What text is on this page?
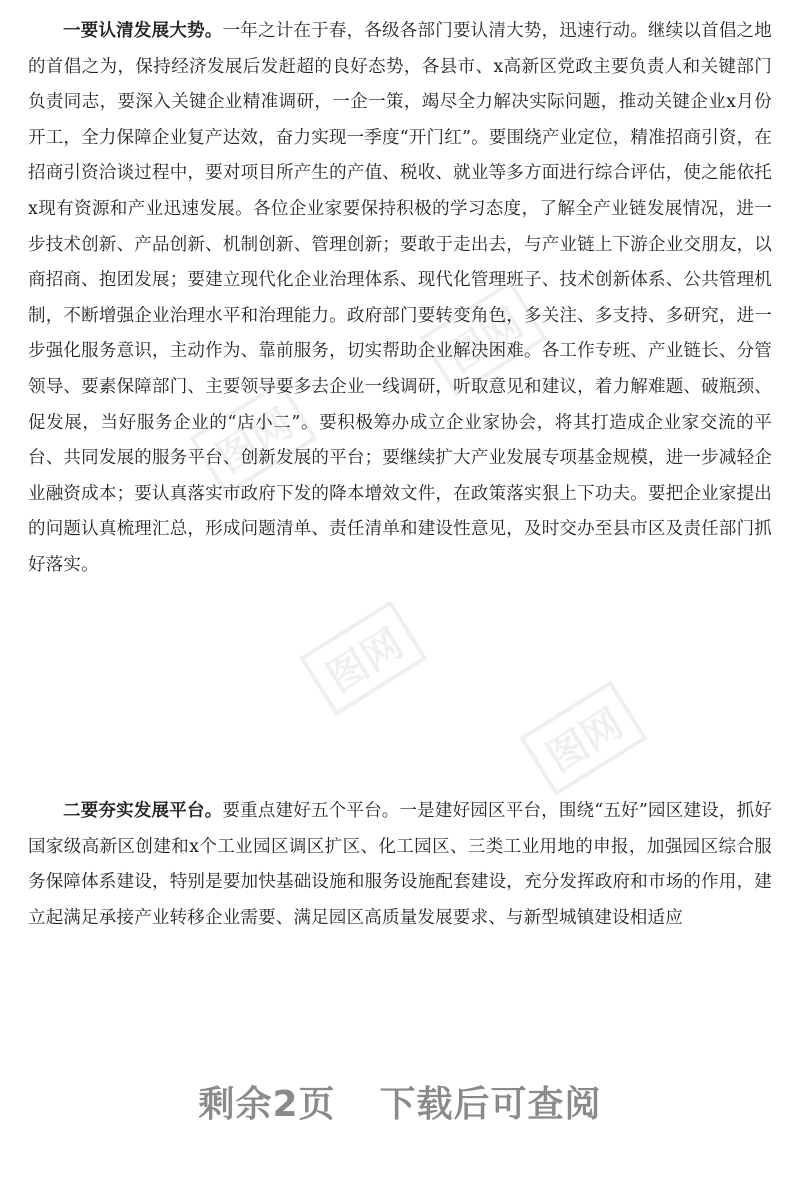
图网
图网
图网
图网

一要认清发展大势。一年之计在于春，各级各部门要认清大势，迅速行动。继续以首倡之地的首倡之为，保持经济发展后发赶超的良好态势，各县市、x高新区党政主要负责人和关键部门负责同志，要深入关键企业精准调研，一企一策，竭尽全力解决实际问题，推动关键企业x月份开工，全力保障企业复产达效，奋力实现一季度“开门红”。要围绕产业定位，精准招商引资，在招商引资洽谈过程中，要对项目所产生的产值、税收、就业等多方面进行综合评估，使之能依托x现有资源和产业迅速发展。各位企业家要保持积极的学习态度，了解全产业链发展情况，进一步技术创新、产品创新、机制创新、管理创新；要敢于走出去，与产业链上下游企业交朋友，以商招商、抱团发展；要建立现代化企业治理体系、现代化管理班子、技术创新体系、公共管理机制，不断增强企业治理水平和治理能力。政府部门要转变角色，多关注、多支持、多研究，进一步强化服务意识，主动作为、靠前服务，切实帮助企业解决困难。各工作专班、产业链长、分管领导、要素保障部门、主要领导要多去企业一线调研，听取意见和建议，着力解难题、破瓶颈、促发展，当好服务企业的“店小二”。要积极筹办成立企业家协会，将其打造成企业家交流的平台、共同发展的服务平台、创新发展的平台；要继续扩大产业发展专项基金规模，进一步减轻企业融资成本；要认真落实市政府下发的降本增效文件，在政策落实狠上下功夫。要把企业家提出的问题认真梳理汇总，形成问题清单、责任清单和建设性意见，及时交办至县市区及责任部门抓好落实。

二要夯实发展平台。要重点建好五个平台。一是建好园区平台，围绕“五好”园区建设，抓好国家级高新区创建和x个工业园区调区扩区、化工园区、三类工业用地的申报，加强园区综合服务保障体系建设，特别是要加快基础设施和服务设施配套建设，充分发挥政府和市场的作用，建立起满足承接产业转移企业需要、满足园区高质量发展要求、与新型城镇建设相适应

剩余2页 下载后可查阅
